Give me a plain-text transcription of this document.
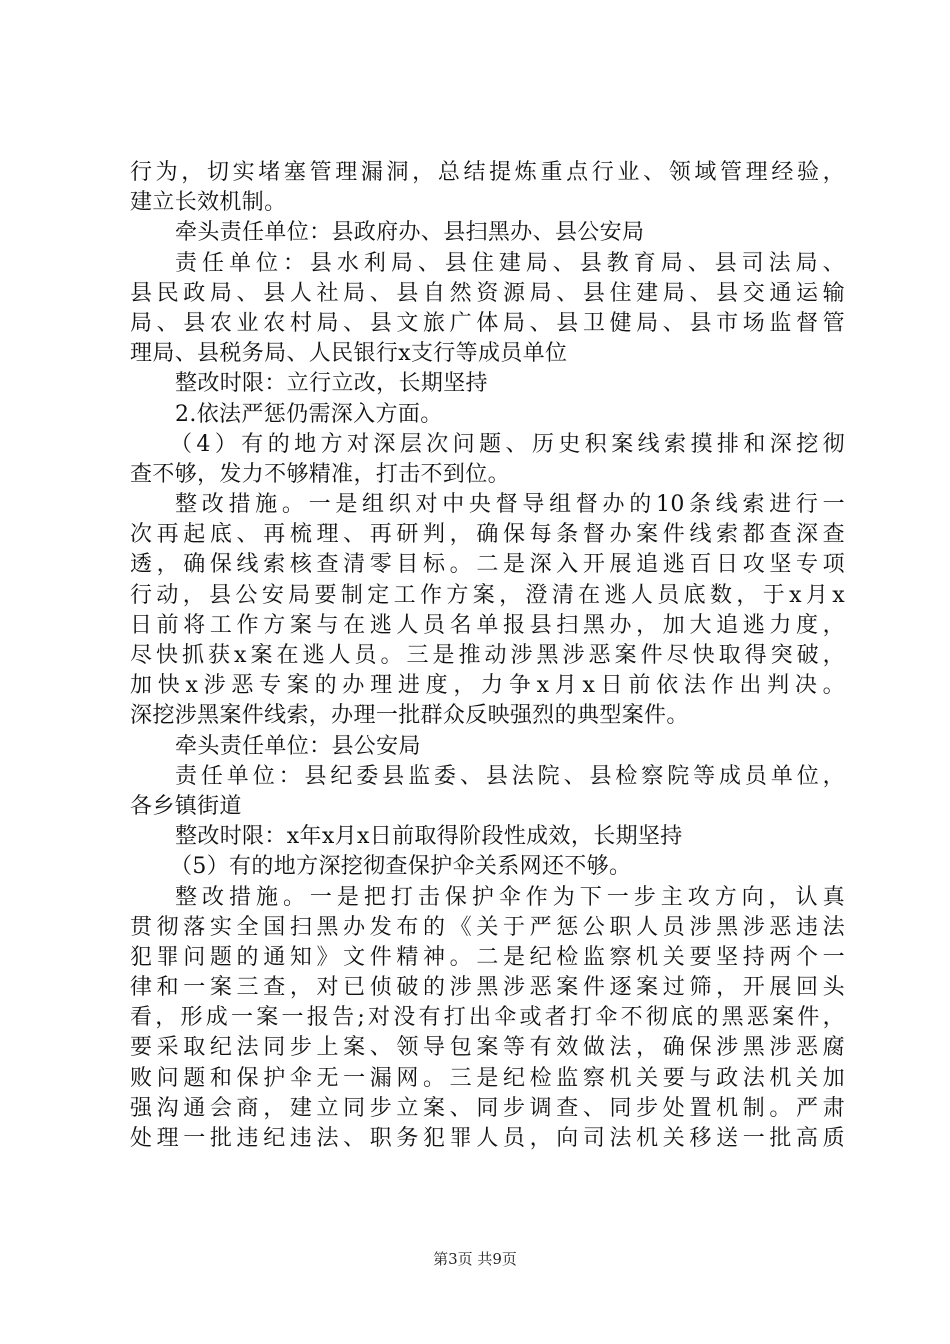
行为，切实堵塞管理漏洞，总结提炼重点行业、领域管理经验，
建立长效机制。
牵头责任单位：县政府办、县扫黑办、县公安局
责任单位：县水利局、县住建局、县教育局、县司法局、
县民政局、县人社局、县自然资源局、县住建局、县交通运输
局、县农业农村局、县文旅广体局、县卫健局、县市场监督管
理局、县税务局、人民银行x支行等成员单位
整改时限：立行立改，长期坚持
2.依法严惩仍需深入方面。
（4）有的地方对深层次问题、历史积案线索摸排和深挖彻
查不够，发力不够精准，打击不到位。
整改措施。一是组织对中央督导组督办的10条线索进行一
次再起底、再梳理、再研判，确保每条督办案件线索都查深查
透，确保线索核查清零目标。二是深入开展追逃百日攻坚专项
行动，县公安局要制定工作方案，澄清在逃人员底数，于x月x
日前将工作方案与在逃人员名单报县扫黑办，加大追逃力度，
尽快抓获x案在逃人员。三是推动涉黑涉恶案件尽快取得突破，
加快x涉恶专案的办理进度，力争x月x日前依法作出判决。
深挖涉黑案件线索，办理一批群众反映强烈的典型案件。
牵头责任单位：县公安局
责任单位：县纪委县监委、县法院、县检察院等成员单位，
各乡镇街道
整改时限：x年x月x日前取得阶段性成效，长期坚持
（5）有的地方深挖彻查保护伞关系网还不够。
整改措施。一是把打击保护伞作为下一步主攻方向，认真
贯彻落实全国扫黑办发布的《关于严惩公职人员涉黑涉恶违法
犯罪问题的通知》文件精神。二是纪检监察机关要坚持两个一
律和一案三查，对已侦破的涉黑涉恶案件逐案过筛，开展回头
看，形成一案一报告;对没有打出伞或者打伞不彻底的黑恶案件，
要采取纪法同步上案、领导包案等有效做法，确保涉黑涉恶腐
败问题和保护伞无一漏网。三是纪检监察机关要与政法机关加
强沟通会商，建立同步立案、同步调查、同步处置机制。严肃
处理一批违纪违法、职务犯罪人员，向司法机关移送一批高质
第3页 共9页
